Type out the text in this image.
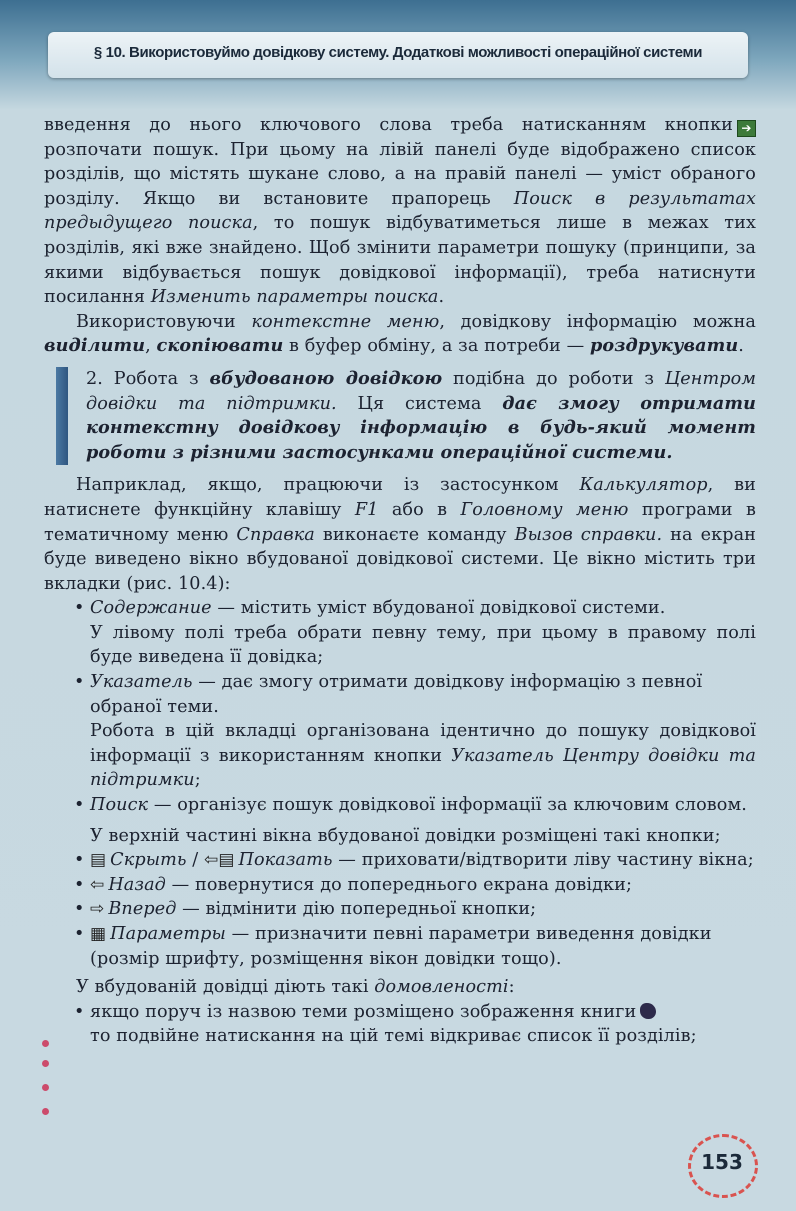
§ 10. Використовуймо довідкову систему. Додаткові можливості операційної системи

введення до нього ключового слова треба натисканням кнопки ➔ розпочати пошук. При цьому на лівій панелі буде відображено список розділів, що містять шукане слово, а на правій панелі — уміст обраного розділу. Якщо ви встановите прапорець Поиск в результатах предыдущего поиска, то пошук відбуватиметься лише в межах тих розділів, які вже знайдено. Щоб змінити параметри пошуку (принципи, за якими відбувається пошук довідкової інформації), треба натиснути посилання Изменить параметры поиска.

Використовуючи контекстне меню, довідкову інформацію можна виділити, скопіювати в буфер обміну, а за потреби — роздрукувати.

2. Робота з вбудованою довідкою подібна до роботи з Центром довідки та підтримки. Ця система дає змогу отримати контекстну довідкову інформацію в будь-який момент роботи з різними застосунками операційної системи.

Наприклад, якщо, працюючи із застосунком Калькулятор, ви натиснете функційну клавішу F1 або в Головному меню програми в тематичному меню Справка виконаєте команду Вызов справки. на екран буде виведено вікно вбудованої довідкової системи. Це вікно містить три вкладки (рис. 10.4):

• Содержание — містить уміст вбудованої довідкової системи.

У лівому полі треба обрати певну тему, при цьому в правому полі буде виведена її довідка;

• Указатель — дає змогу отримати довідкову інформацію з певної обраної теми.

Робота в цій вкладці організована ідентично до пошуку довідкової інформації з використанням кнопки Указатель Центру довідки та підтримки;

• Поиск — організує пошук довідкової інформації за ключовим словом.

У верхній частині вікна вбудованої довідки розміщені такі кнопки;

• ▤ Скрыть / ⇦▤ Показать — приховати/відтворити ліву частину вікна;
• ⇦ Назад — повернутися до попереднього екрана довідки;
• ⇨ Вперед — відмінити дію попередньої кнопки;
• ▦ Параметры — призначити певні параметри виведення довідки (розмір шрифту, розміщення вікон довідки тощо).

У вбудованій довідці діють такі домовленості:

• якщо поруч із назвою теми розміщено зображення книги
то подвійне натискання на цій темі відкриває список її розділів;
153
